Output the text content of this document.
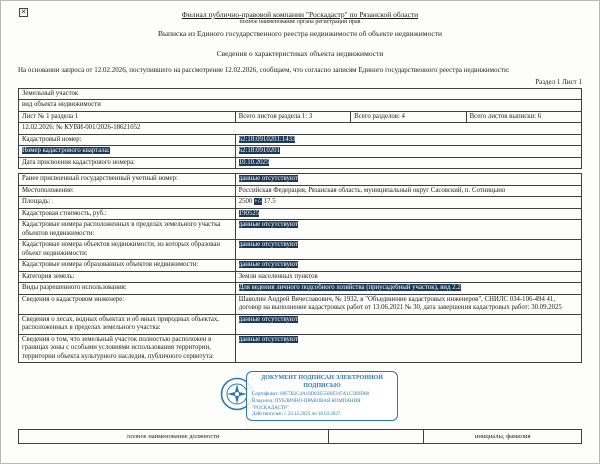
✕	Филиал публично-правовой компании "Роскадастр" по Рязанской области
полное наименование органа регистрации прав
Выписка из Единого государственного реестра недвижимости об объекте недвижимости
Сведения о характеристиках объекта недвижимости
На основании запроса от 12.02.2026, поступившего на рассмотрение 12.02.2026, сообщаем, что согласно записям Единого государственного реестра недвижимости:
Раздел 1 Лист 1
Земельный участок			
вид объекта недвижимости			
Лист № 1 раздела 1	Всего листов раздела 1: 3	Всего разделов: 4	Всего листов выписки: 6
12.02.2026: № КУВИ-001/2026-18621052			
Кадастровый номер:	62:18:0910201:1433		
Номер кадастрового квартала:	62:18:0910201		
Дата присвоения кадастрового номера:	10.10.2025		
Ранее присвоенный государственный учетный номер:	данные отсутствуют
Местоположение:	Российская Федерация, Рязанская область, муниципальный округ Сасовский, п. Сотницыно
Площадь:	2500 +/- 17.5
Кадастровая стоимость, руб.:	190525
Кадастровые номера расположенных в пределах земельного участка объектов недвижимости:	данные отсутствуют
Кадастровые номера объектов недвижимости, из которых образован объект недвижимости:	данные отсутствуют
Кадастровые номера образованных объектов недвижимости:	данные отсутствуют
Категория земель:	Земли населенных пунктов
Виды разрешенного использования:	Для ведения личного подсобного хозяйства (приусадебный участок), вид 2.2
Сведения о кадастровом инженере:	Шаволин Андрей Вячеславович, № 1932, в "Объединение кадастровых инженеров", СНИЛС 034-106-494 41, договор на выполнение кадастровых работ от 13.06.2021 № 30, дата завершения кадастровых работ: 30.09.2025
Сведения о лесах, водных объектах и об иных природных объектах, расположенных в пределах земельного участка:	данные отсутствуют
Сведения о том, что земельный участок полностью расположен в границах зоны с особыми условиями использования территории, территории объекта культурного наследия, публичного сервитута:	данные отсутствуют
ДОКУМЕНТ ПОДПИСАН ЭЛЕКТРОННОЙ ПОДПИСЬЮ
Сертификат: 00F7B2C4A19D83E5560F247A1C3B9D08
Владелец: ПУБЛИЧНО-ПРАВОВАЯ КОМПАНИЯ "РОСКАДАСТР"
Действителен: с 24.12.2025 по 18.03.2027
полное наименование должности		инициалы, фамилия
